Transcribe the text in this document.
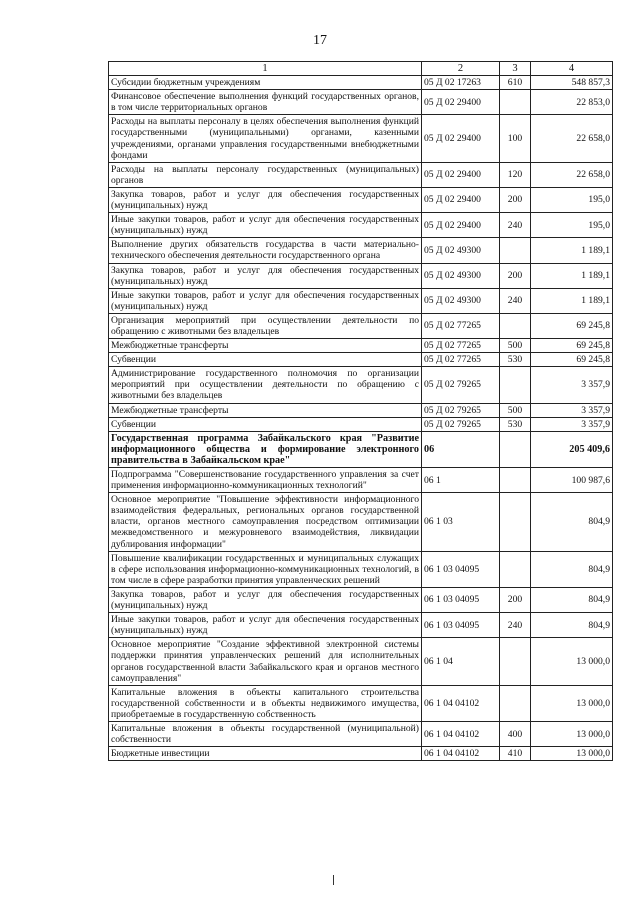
17
1	2	3	4
Субсидии бюджетным учреждениям	05 Д 02 17263	610	548 857,3
Финансовое обеспечение выполнения функций государственных органов, в том числе территориальных органов	05 Д 02 29400		22 853,0
Расходы на выплаты персоналу в целях обеспечения выполнения функций государственными (муниципальными) органами, казенными учреждениями, органами управления государственными внебюджетными фондами	05 Д 02 29400	100	22 658,0
Расходы на выплаты персоналу государственных (муниципальных) органов	05 Д 02 29400	120	22 658,0
Закупка товаров, работ и услуг для обеспечения государственных (муниципальных) нужд	05 Д 02 29400	200	195,0
Иные закупки товаров, работ и услуг для обеспечения государственных (муниципальных) нужд	05 Д 02 29400	240	195,0
Выполнение других обязательств государства в части материально-технического обеспечения деятельности государственного органа	05 Д 02 49300		1 189,1
Закупка товаров, работ и услуг для обеспечения государственных (муниципальных) нужд	05 Д 02 49300	200	1 189,1
Иные закупки товаров, работ и услуг для обеспечения государственных (муниципальных) нужд	05 Д 02 49300	240	1 189,1
Организация мероприятий при осуществлении деятельности по обращению с животными без владельцев	05 Д 02 77265		69 245,8
Межбюджетные трансферты	05 Д 02 77265	500	69 245,8
Субвенции	05 Д 02 77265	530	69 245,8
Администрирование государственного полномочия по организации мероприятий при осуществлении деятельности по обращению с животными без владельцев	05 Д 02 79265		3 357,9
Межбюджетные трансферты	05 Д 02 79265	500	3 357,9
Субвенции	05 Д 02 79265	530	3 357,9
Государственная программа Забайкальского края "Развитие информационного общества и формирование электронного правительства в Забайкальском крае"	06		205 409,6
Подпрограмма "Совершенствование государственного управления за счет применения информационно-коммуникационных технологий"	06 1		100 987,6
Основное мероприятие "Повышение эффективности информационного взаимодействия федеральных, региональных органов государственной власти, органов местного самоуправления посредством оптимизации межведомственного и межуровневого взаимодействия, ликвидации дублирования информации"	06 1 03		804,9
Повышение квалификации государственных и муниципальных служащих в сфере использования информационно-коммуникационных технологий, в том числе в сфере разработки принятия управленческих решений	06 1 03 04095		804,9
Закупка товаров, работ и услуг для обеспечения государственных (муниципальных) нужд	06 1 03 04095	200	804,9
Иные закупки товаров, работ и услуг для обеспечения государственных (муниципальных) нужд	06 1 03 04095	240	804,9
Основное мероприятие "Создание эффективной электронной системы поддержки принятия управленческих решений для исполнительных органов государственной власти Забайкальского края и органов местного самоуправления"	06 1 04		13 000,0
Капитальные вложения в объекты капитального строительства государственной собственности и в объекты недвижимого имущества, приобретаемые в государственную собственность	06 1 04 04102		13 000,0
Капитальные вложения в объекты государственной (муниципальной) собственности	06 1 04 04102	400	13 000,0
Бюджетные инвестиции	06 1 04 04102	410	13 000,0
